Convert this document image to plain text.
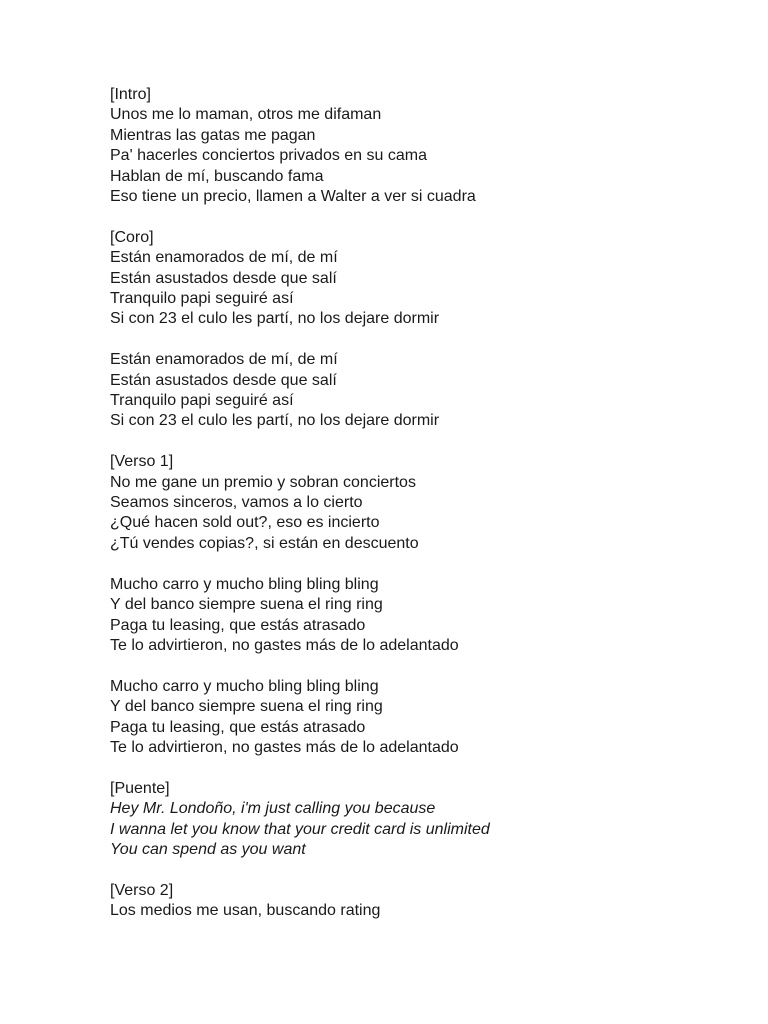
[Intro]
Unos me lo maman, otros me difaman
Mientras las gatas me pagan
Pa' hacerles conciertos privados en su cama
Hablan de mí, buscando fama
Eso tiene un precio, llamen a Walter a ver si cuadra
[Coro]
Están enamorados de mí, de mí
Están asustados desde que salí
Tranquilo papi seguiré así
Si con 23 el culo les partí, no los dejare dormir
Están enamorados de mí, de mí
Están asustados desde que salí
Tranquilo papi seguiré así
Si con 23 el culo les partí, no los dejare dormir
[Verso 1]
No me gane un premio y sobran conciertos
Seamos sinceros, vamos a lo cierto
¿Qué hacen sold out?, eso es incierto
¿Tú vendes copias?, si están en descuento
Mucho carro y mucho bling bling bling
Y del banco siempre suena el ring ring
Paga tu leasing, que estás atrasado
Te lo advirtieron, no gastes más de lo adelantado
Mucho carro y mucho bling bling bling
Y del banco siempre suena el ring ring
Paga tu leasing, que estás atrasado
Te lo advirtieron, no gastes más de lo adelantado
[Puente]
Hey Mr. Londoño, i'm just calling you because
I wanna let you know that your credit card is unlimited
You can spend as you want
[Verso 2]
Los medios me usan, buscando rating
